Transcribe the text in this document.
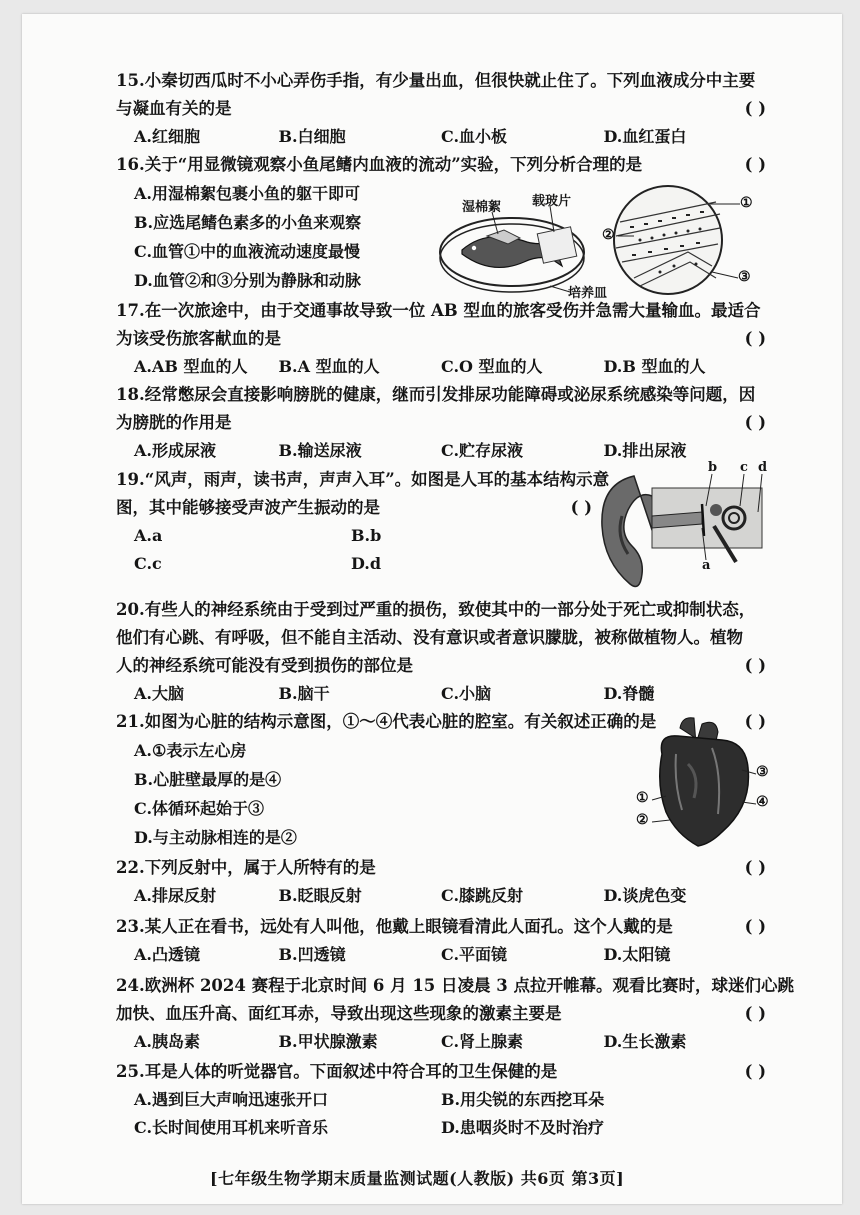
15.小秦切西瓜时不小心弄伤手指，有少量出血，但很快就止住了。下列血液成分中主要
与凝血有关的是	( )
A.红细胞	B.白细胞	C.血小板	D.血红蛋白
16.关于“用显微镜观察小鱼尾鳍内血液的流动”实验，下列分析合理的是	( )
A.用湿棉絮包裹小鱼的躯干即可
B.应选尾鳍色素多的小鱼来观察
C.血管①中的血液流动速度最慢
D.血管②和③分别为静脉和动脉
湿棉絮 载玻片
培养皿
①
②
③
17.在一次旅途中，由于交通事故导致一位 AB 型血的旅客受伤并急需大量输血。最适合
为该受伤旅客献血的是	( )
A.AB 型血的人	B.A 型血的人	C.O 型血的人	D.B 型血的人
18.经常憋尿会直接影响膀胱的健康，继而引发排尿功能障碍或泌尿系统感染等问题，因
为膀胱的作用是	( )
A.形成尿液	B.输送尿液	C.贮存尿液	D.排出尿液
19.“风声，雨声，读书声，声声入耳”。如图是人耳的基本结构示意
图，其中能够接受声波产生振动的是	( )
A.a	B.b
C.c	D.d
b c d
a
20.有些人的神经系统由于受到过严重的损伤，致使其中的一部分处于死亡或抑制状态，
他们有心跳、有呼吸，但不能自主活动、没有意识或者意识朦胧，被称做植物人。植物
人的神经系统可能没有受到损伤的部位是	( )
A.大脑	B.脑干	C.小脑	D.脊髓
21.如图为心脏的结构示意图，①～④代表心脏的腔室。有关叙述正确的是	( )
A.①表示左心房
B.心脏壁最厚的是④
C.体循环起始于③
D.与主动脉相连的是②
③
①	④
②
22.下列反射中，属于人所特有的是	( )
A.排尿反射	B.眨眼反射	C.膝跳反射	D.谈虎色变
23.某人正在看书，远处有人叫他，他戴上眼镜看清此人面孔。这个人戴的是	( )
A.凸透镜	B.凹透镜	C.平面镜	D.太阳镜
24.欧洲杯 2024 赛程于北京时间 6 月 15 日凌晨 3 点拉开帷幕。观看比赛时，球迷们心跳
加快、血压升高、面红耳赤，导致出现这些现象的激素主要是	( )
A.胰岛素	B.甲状腺激素	C.肾上腺素	D.生长激素
25.耳是人体的听觉器官。下面叙述中符合耳的卫生保健的是	( )
A.遇到巨大声响迅速张开口	B.用尖锐的东西挖耳朵
C.长时间使用耳机来听音乐	D.患咽炎时不及时治疗
[七年级生物学期末质量监测试题(人教版) 共6页 第3页]
